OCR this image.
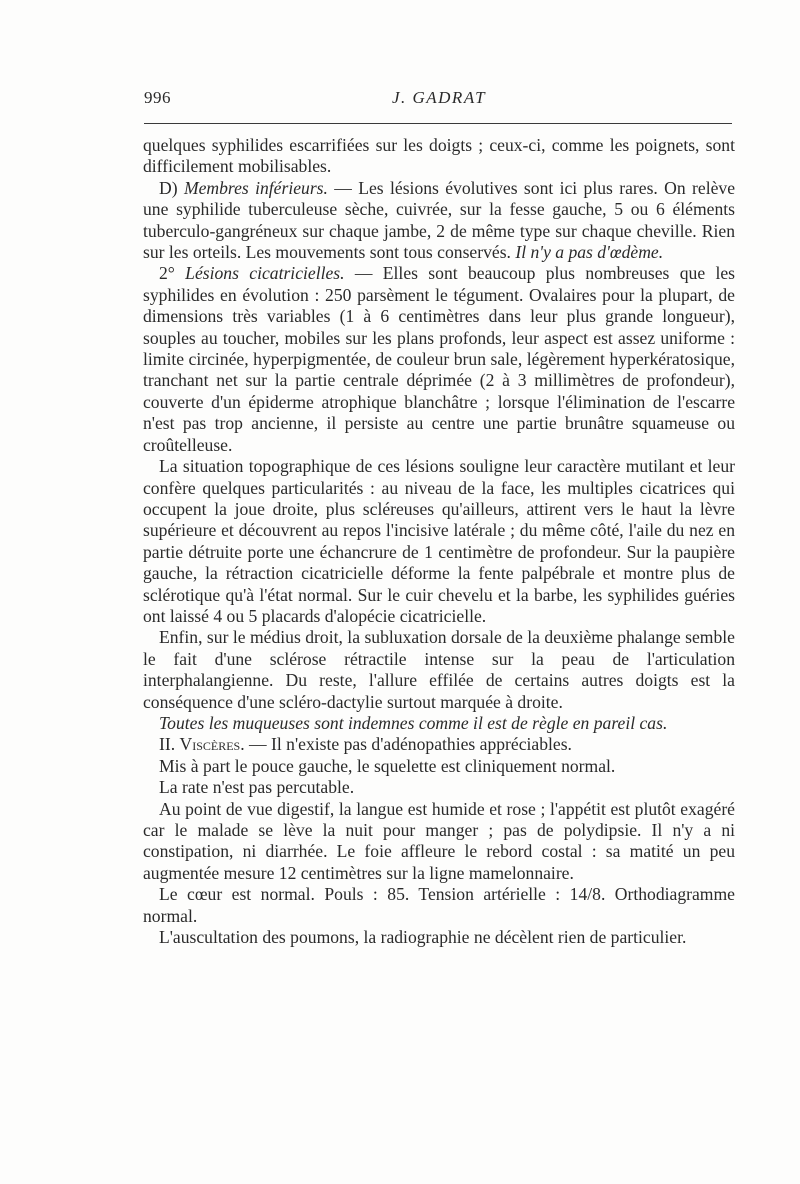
996	J. GADRAT

quelques syphilides escarrifiées sur les doigts ; ceux-ci, comme les poignets, sont difficilement mobilisables.

D) Membres inférieurs. — Les lésions évolutives sont ici plus rares. On relève une syphilide tuberculeuse sèche, cuivrée, sur la fesse gauche, 5 ou 6 éléments tuberculo-gangréneux sur chaque jambe, 2 de même type sur chaque cheville. Rien sur les orteils. Les mouvements sont tous conservés. Il n'y a pas d'œdème.

2° Lésions cicatricielles. — Elles sont beaucoup plus nombreuses que les syphilides en évolution : 250 parsèment le tégument. Ovalaires pour la plupart, de dimensions très variables (1 à 6 centimètres dans leur plus grande longueur), souples au toucher, mobiles sur les plans profonds, leur aspect est assez uniforme : limite circinée, hyperpigmentée, de couleur brun sale, légèrement hyperkératosique, tranchant net sur la partie centrale déprimée (2 à 3 millimètres de profondeur), couverte d'un épiderme atrophique blanchâtre ; lorsque l'élimination de l'escarre n'est pas trop ancienne, il persiste au centre une partie brunâtre squameuse ou croûtelleuse.

La situation topographique de ces lésions souligne leur caractère mutilant et leur confère quelques particularités : au niveau de la face, les multiples cicatrices qui occupent la joue droite, plus scléreuses qu'ailleurs, attirent vers le haut la lèvre supérieure et découvrent au repos l'incisive latérale ; du même côté, l'aile du nez en partie détruite porte une échancrure de 1 centimètre de profondeur. Sur la paupière gauche, la rétraction cicatricielle déforme la fente palpébrale et montre plus de sclérotique qu'à l'état normal. Sur le cuir chevelu et la barbe, les syphilides guéries ont laissé 4 ou 5 placards d'alopécie cicatricielle.

Enfin, sur le médius droit, la subluxation dorsale de la deuxième phalange semble le fait d'une sclérose rétractile intense sur la peau de l'articulation interphalangienne. Du reste, l'allure effilée de certains autres doigts est la conséquence d'une scléro-dactylie surtout marquée à droite.

Toutes les muqueuses sont indemnes comme il est de règle en pareil cas.

II. Viscères. — Il n'existe pas d'adénopathies appréciables.

Mis à part le pouce gauche, le squelette est cliniquement normal.

La rate n'est pas percutable.

Au point de vue digestif, la langue est humide et rose ; l'appétit est plutôt exagéré car le malade se lève la nuit pour manger ; pas de polydipsie. Il n'y a ni constipation, ni diarrhée. Le foie affleure le rebord costal : sa matité un peu augmentée mesure 12 centimètres sur la ligne mamelonnaire.

Le cœur est normal. Pouls : 85. Tension artérielle : 14/8. Orthodiagramme normal.

L'auscultation des poumons, la radiographie ne décèlent rien de particulier.
